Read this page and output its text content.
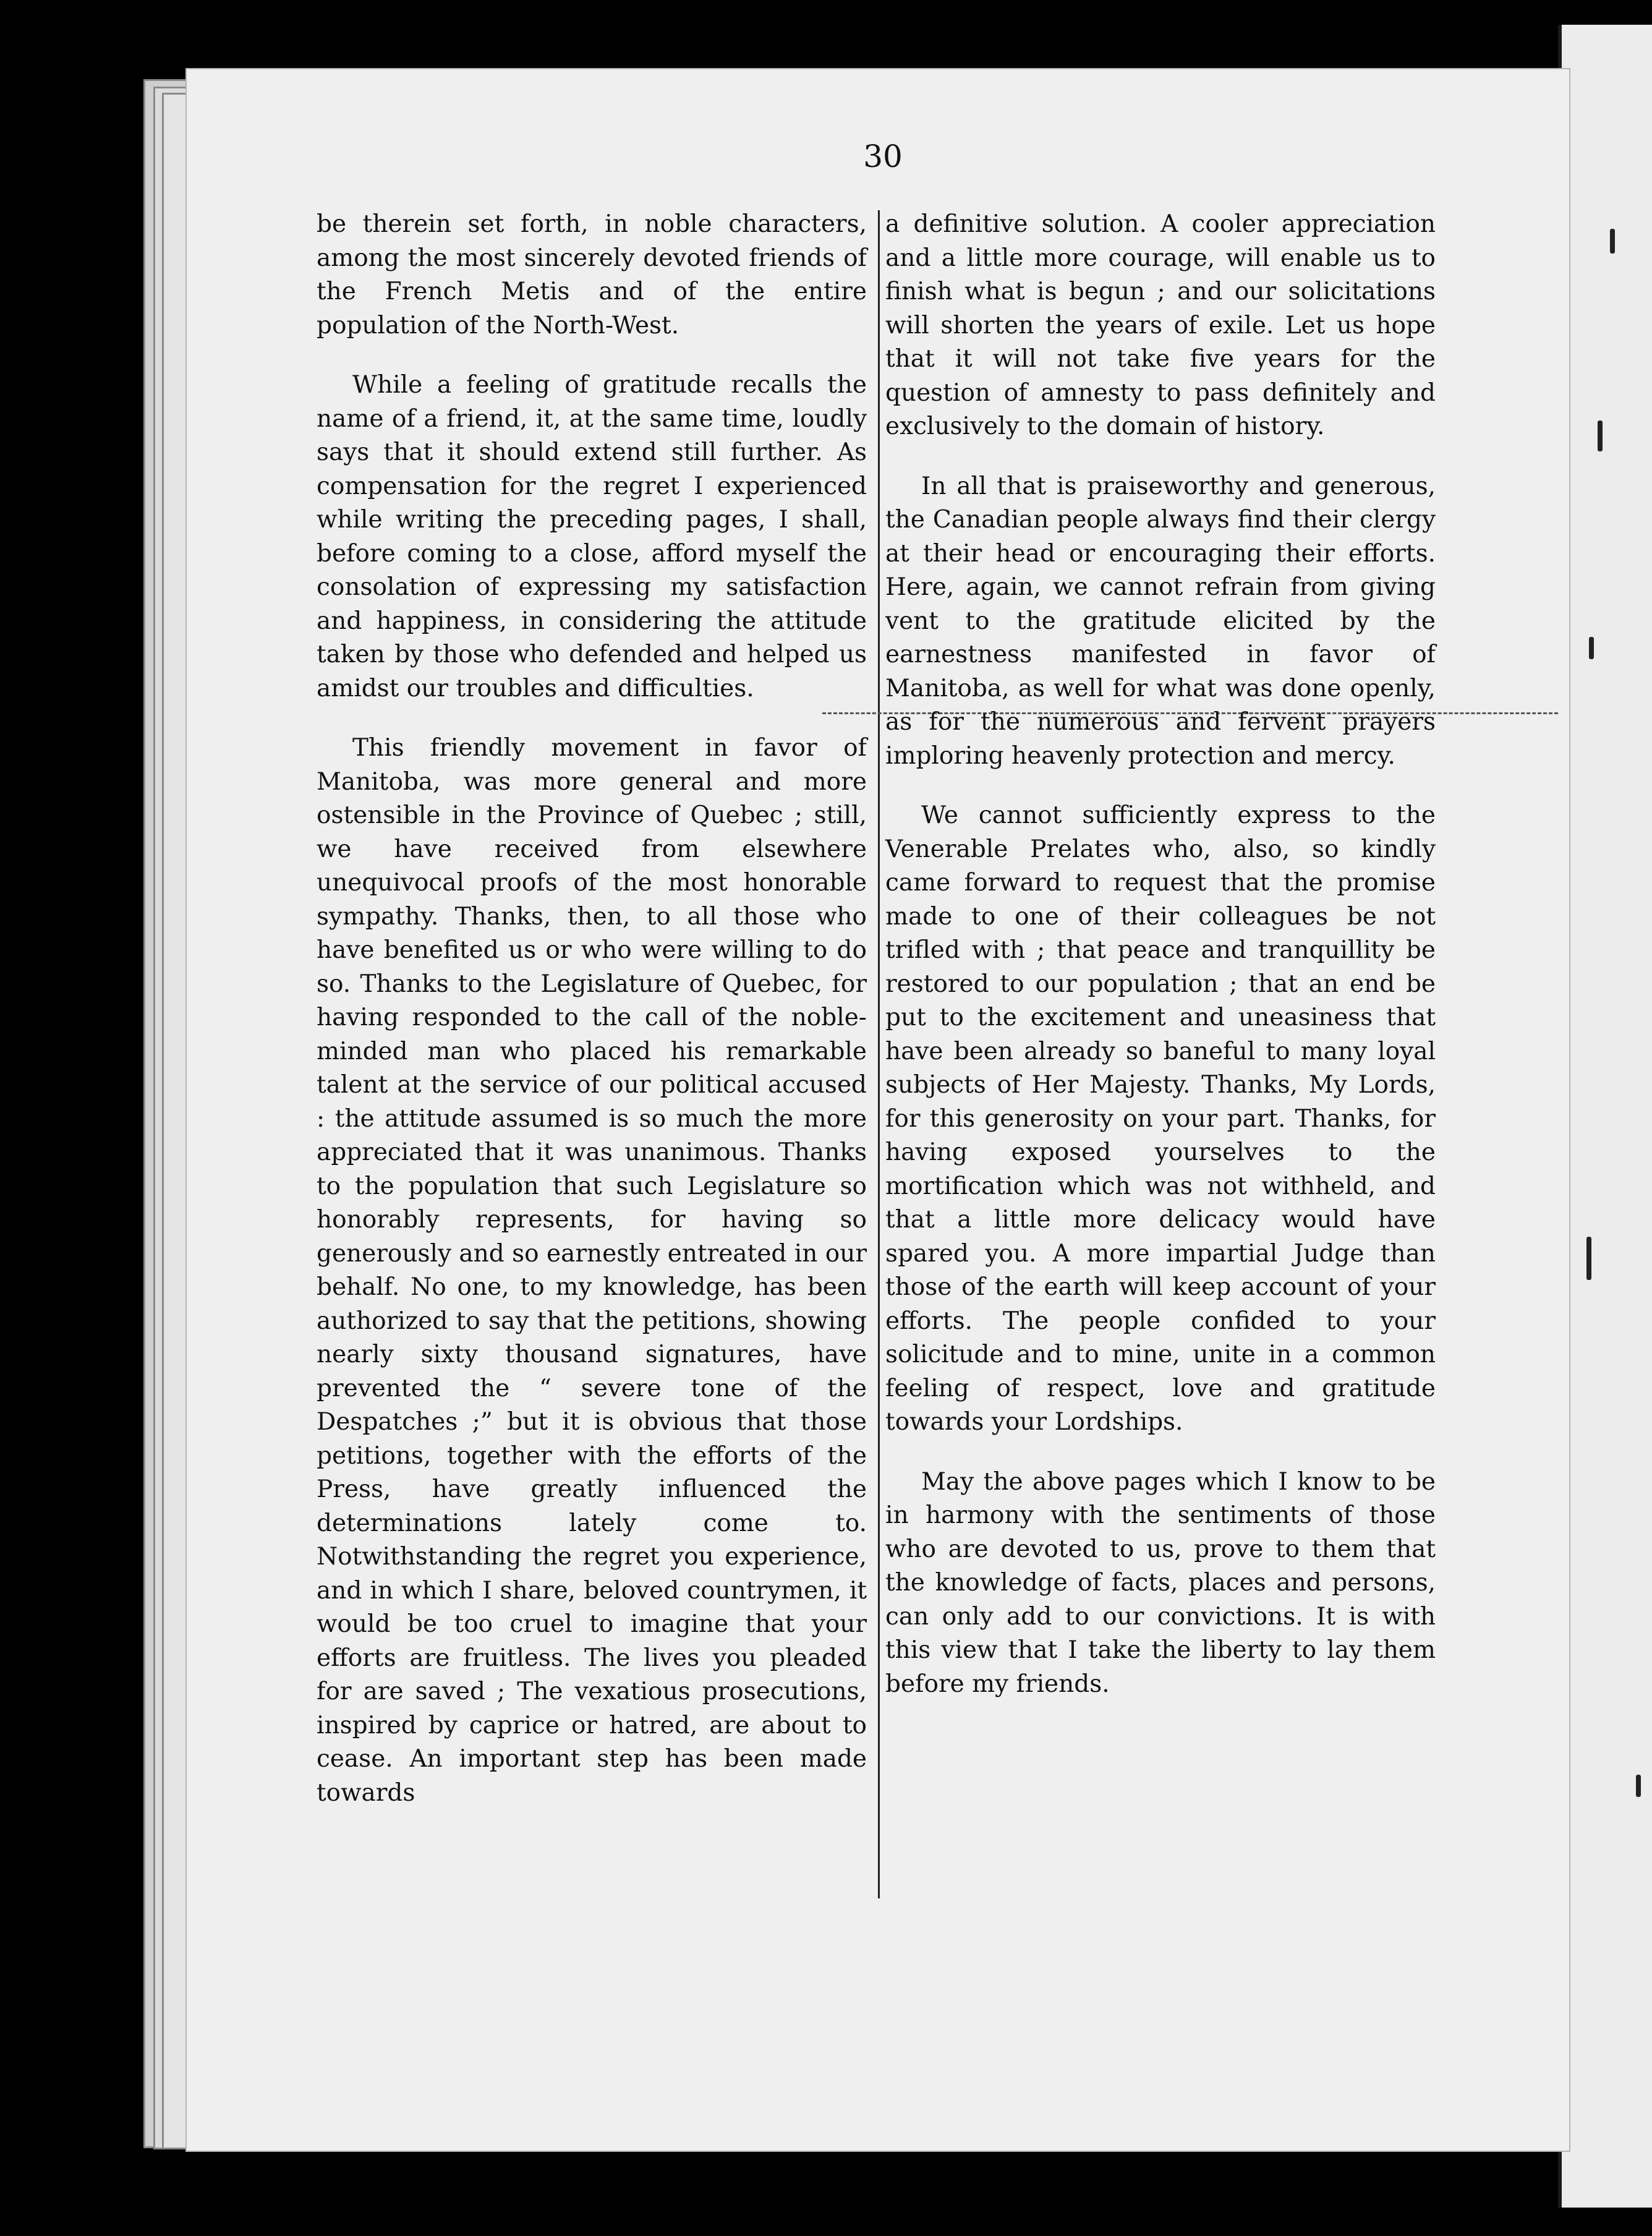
30

be therein set forth, in noble characters, among the most sincerely devoted friends of the French Metis and of the entire population of the North-West.

While a feeling of gratitude recalls the name of a friend, it, at the same time, loudly says that it should extend still further. As compensation for the regret I experienced while writing the preceding pages, I shall, before coming to a close, afford myself the consolation of expressing my satisfaction and happiness, in considering the attitude taken by those who defended and helped us amidst our troubles and difficulties.

This friendly movement in favor of Manitoba, was more general and more ostensible in the Province of Quebec ; still, we have received from elsewhere unequivocal proofs of the most honorable sympathy. Thanks, then, to all those who have benefited us or who were willing to do so. Thanks to the Legislature of Quebec, for having responded to the call of the noble-minded man who placed his remarkable talent at the service of our political accused : the attitude assumed is so much the more appreciated that it was unanimous. Thanks to the population that such Legislature so honorably represents, for having so generously and so earnestly entreated in our behalf. No one, to my knowledge, has been authorized to say that the petitions, showing nearly sixty thousand signatures, have prevented the “ severe tone of the Despatches ;” but it is obvious that those petitions, together with the efforts of the Press, have greatly influenced the determinations lately come to. Notwithstanding the regret you experience, and in which I share, beloved countrymen, it would be too cruel to imagine that your efforts are fruitless. The lives you pleaded for are saved ; The vexatious prosecutions, inspired by caprice or hatred, are about to cease. An important step has been made towards

a definitive solution. A cooler appreciation and a little more courage, will enable us to finish what is begun ; and our solicitations will shorten the years of exile. Let us hope that it will not take five years for the question of amnesty to pass definitely and exclusively to the domain of history.

In all that is praiseworthy and generous, the Canadian people always find their clergy at their head or encouraging their efforts. Here, again, we cannot refrain from giving vent to the gratitude elicited by the earnestness manifested in favor of Manitoba, as well for what was done openly, as for the numerous and fervent prayers imploring heavenly protection and mercy.

We cannot sufficiently express to the Venerable Prelates who, also, so kindly came forward to request that the promise made to one of their colleagues be not trifled with ; that peace and tranquillity be restored to our population ; that an end be put to the excitement and uneasiness that have been already so baneful to many loyal subjects of Her Majesty. Thanks, My Lords, for this generosity on your part. Thanks, for having exposed yourselves to the mortification which was not withheld, and that a little more delicacy would have spared you. A more impartial Judge than those of the earth will keep account of your efforts. The people confided to your solicitude and to mine, unite in a common feeling of respect, love and gratitude towards your Lordships.

May the above pages which I know to be in harmony with the sentiments of those who are devoted to us, prove to them that the knowledge of facts, places and persons, can only add to our convictions. It is with this view that I take the liberty to lay them before my friends.
